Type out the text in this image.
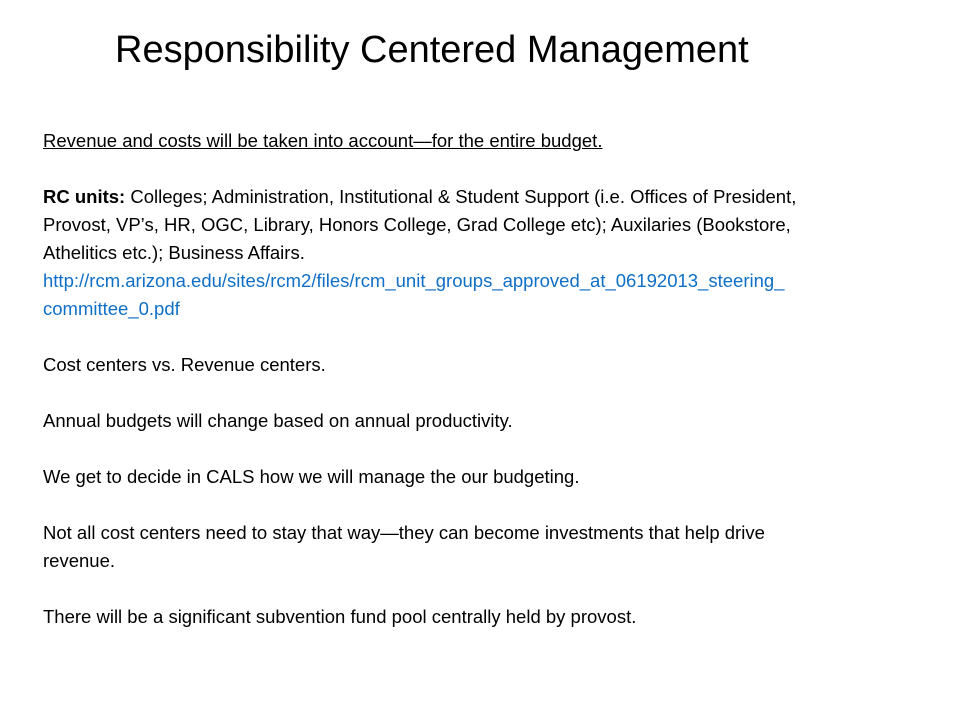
Responsibility Centered Management
Revenue and costs will be taken into account—for the entire budget.
RC units: Colleges; Administration, Institutional & Student Support (i.e. Offices of President,
Provost, VP’s, HR, OGC, Library, Honors College, Grad College etc); Auxilaries (Bookstore,
Athelitics etc.); Business Affairs.
http://rcm.arizona.edu/sites/rcm2/files/rcm_unit_groups_approved_at_06192013_steering_
committee_0.pdf
Cost centers vs. Revenue centers.
Annual budgets will change based on annual productivity.
We get to decide in CALS how we will manage the our budgeting.
Not all cost centers need to stay that way—they can become investments that help drive
revenue.
There will be a significant subvention fund pool centrally held by provost.
